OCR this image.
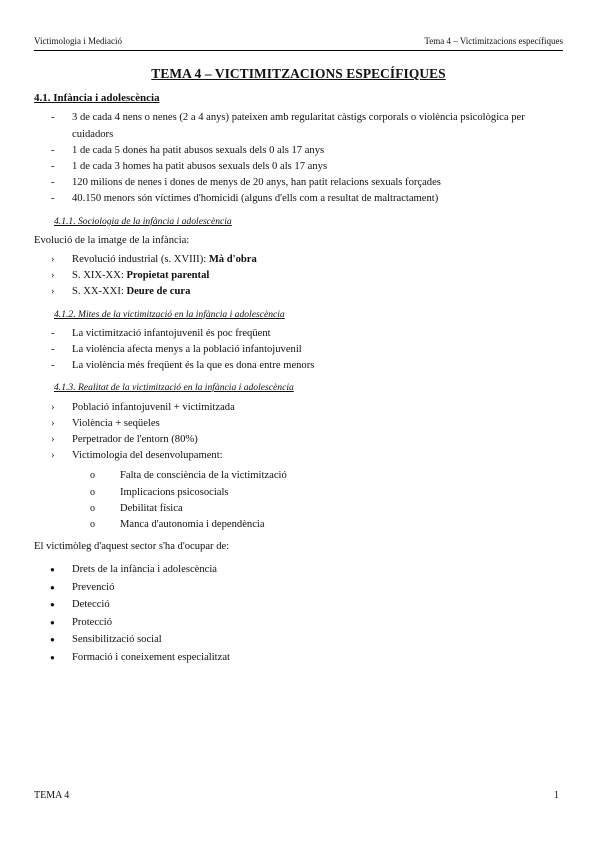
Victimologia i Mediació	Tema 4 – Victimitzacions específiques
TEMA 4 – VICTIMITZACIONS ESPECÍFIQUES
4.1. Infància i adolescència
- 3 de cada 4 nens o nenes (2 a 4 anys) pateixen amb regularitat càstigs corporals o violència psicològica per cuidadors
- 1 de cada 5 dones ha patit abusos sexuals dels 0 als 17 anys
- 1 de cada 3 homes ha patit abusos sexuals dels 0 als 17 anys
- 120 milions de nenes i dones de menys de 20 anys, han patit relacions sexuals forçades
- 40.150 menors són víctimes d'homicidi (alguns d'ells com a resultat de maltractament)
4.1.1. Sociologia de la infància i adolescència

Evolució de la imatge de la infància:

› Revolució industrial (s. XVIII): Mà d'obra
› S. XIX-XX: Propietat parental
› S. XX-XXI: Deure de cura
4.1.2. Mites de la victimització en la infància i adolescència
- La victimització infantojuvenil és poc freqüent
- La violència afecta menys a la població infantojuvenil
- La violència més freqüent és la que es dona entre menors
4.1.3. Realitat de la victimització en la infància i adolescència
› Població infantojuvenil + victimitzada
› Violència + seqüeles
› Perpetrador de l'entorn (80%)
› Victimologia del desenvolupament:
o Falta de consciència de la victimització
o Implicacions psicosocials
o Debilitat física
o Manca d'autonomia i dependència

El victimòleg d'aquest sector s'ha d'ocupar de:

● Drets de la infància i adolescència
● Prevenció
● Detecció
● Protecció
● Sensibilització social
● Formació i coneixement especialitzat
TEMA 4	1
